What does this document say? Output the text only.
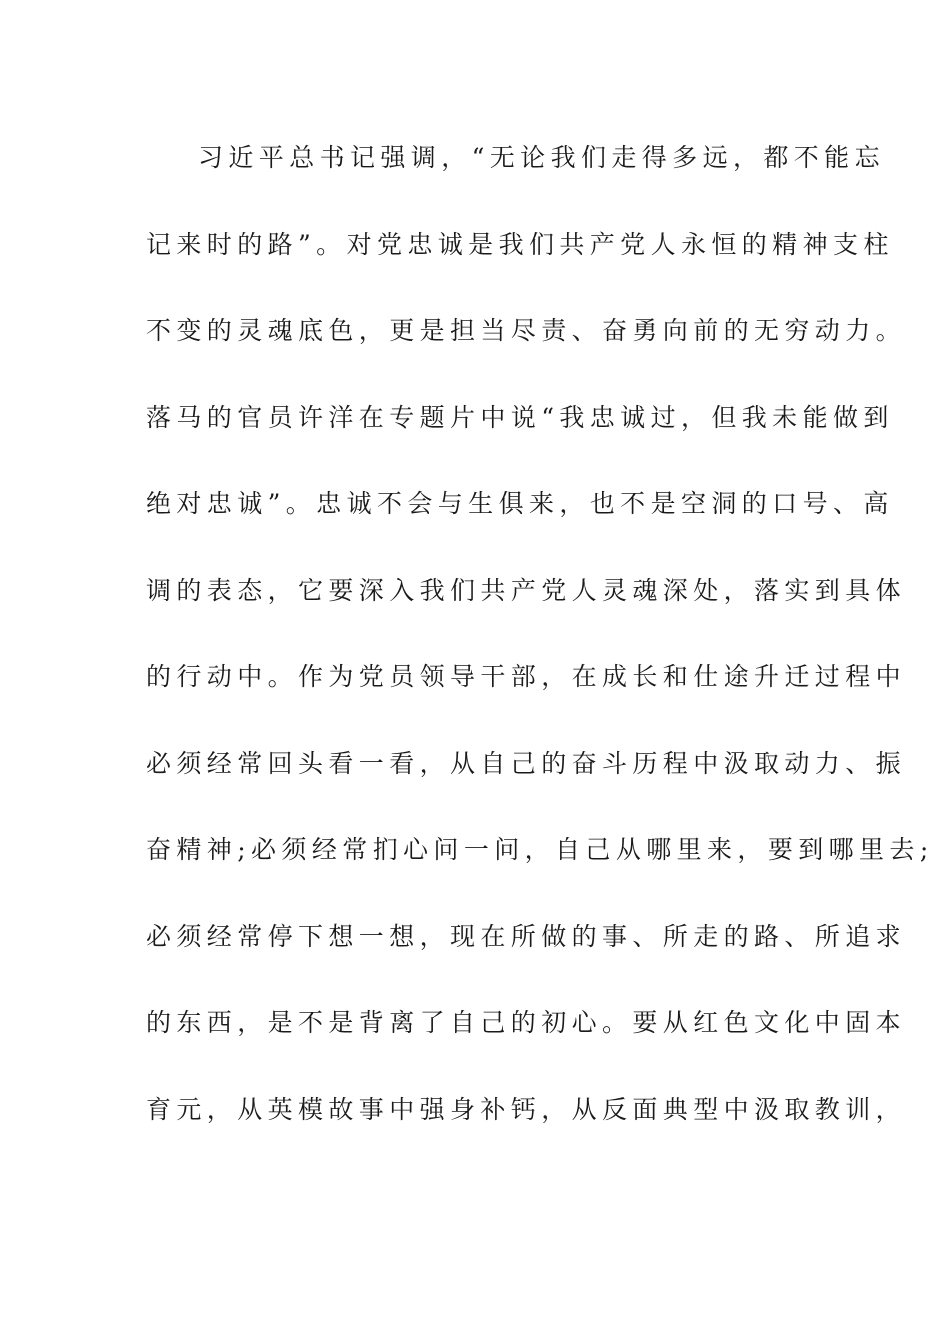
习近平总书记强调，“无论我们走得多远，都不能忘
记来时的路”。对党忠诚是我们共产党人永恒的精神支柱
不变的灵魂底色，更是担当尽责、奋勇向前的无穷动力。
落马的官员许洋在专题片中说“我忠诚过，但我未能做到
绝对忠诚”。忠诚不会与生俱来，也不是空洞的口号、高
调的表态，它要深入我们共产党人灵魂深处，落实到具体
的行动中。作为党员领导干部，在成长和仕途升迁过程中
必须经常回头看一看，从自己的奋斗历程中汲取动力、振
奋精神;必须经常扪心问一问，自己从哪里来，要到哪里去;
必须经常停下想一想，现在所做的事、所走的路、所追求
的东西，是不是背离了自己的初心。要从红色文化中固本
育元，从英模故事中强身补钙，从反面典型中汲取教训，
